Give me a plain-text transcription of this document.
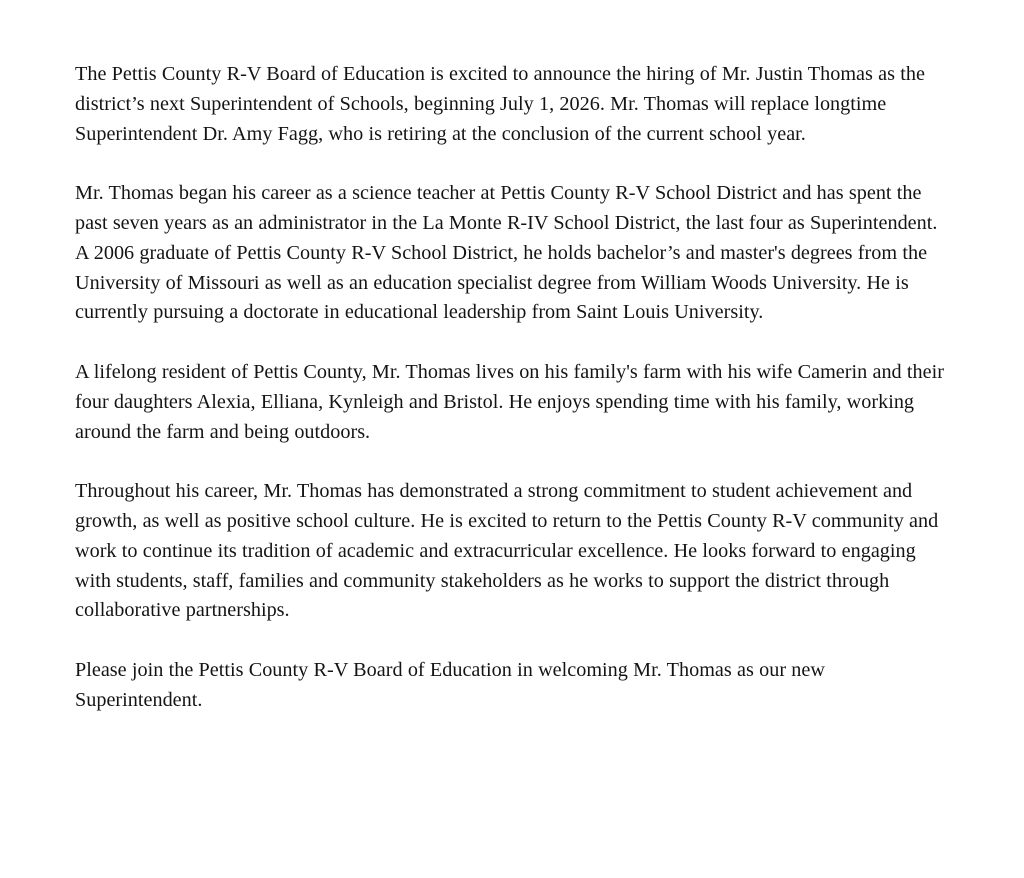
The Pettis County R-V Board of Education is excited to announce the hiring of Mr. Justin Thomas as the district’s next Superintendent of Schools, beginning July 1, 2026. Mr. Thomas will replace longtime Superintendent Dr. Amy Fagg, who is retiring at the conclusion of the current school year.

Mr. Thomas began his career as a science teacher at Pettis County R-V School District and has spent the past seven years as an administrator in the La Monte R-IV School District, the last four as Superintendent. A 2006 graduate of Pettis County R-V School District, he holds bachelor’s and master's degrees from the University of Missouri as well as an education specialist degree from William Woods University. He is currently pursuing a doctorate in educational leadership from Saint Louis University.

A lifelong resident of Pettis County, Mr. Thomas lives on his family's farm with his wife Camerin and their four daughters Alexia, Elliana, Kynleigh and Bristol. He enjoys spending time with his family, working around the farm and being outdoors.

Throughout his career, Mr. Thomas has demonstrated a strong commitment to student achievement and growth, as well as positive school culture. He is excited to return to the Pettis County R-V community and work to continue its tradition of academic and extracurricular excellence. He looks forward to engaging with students, staff, families and community stakeholders as he works to support the district through collaborative partnerships.

Please join the Pettis County R-V Board of Education in welcoming Mr. Thomas as our new Superintendent.
